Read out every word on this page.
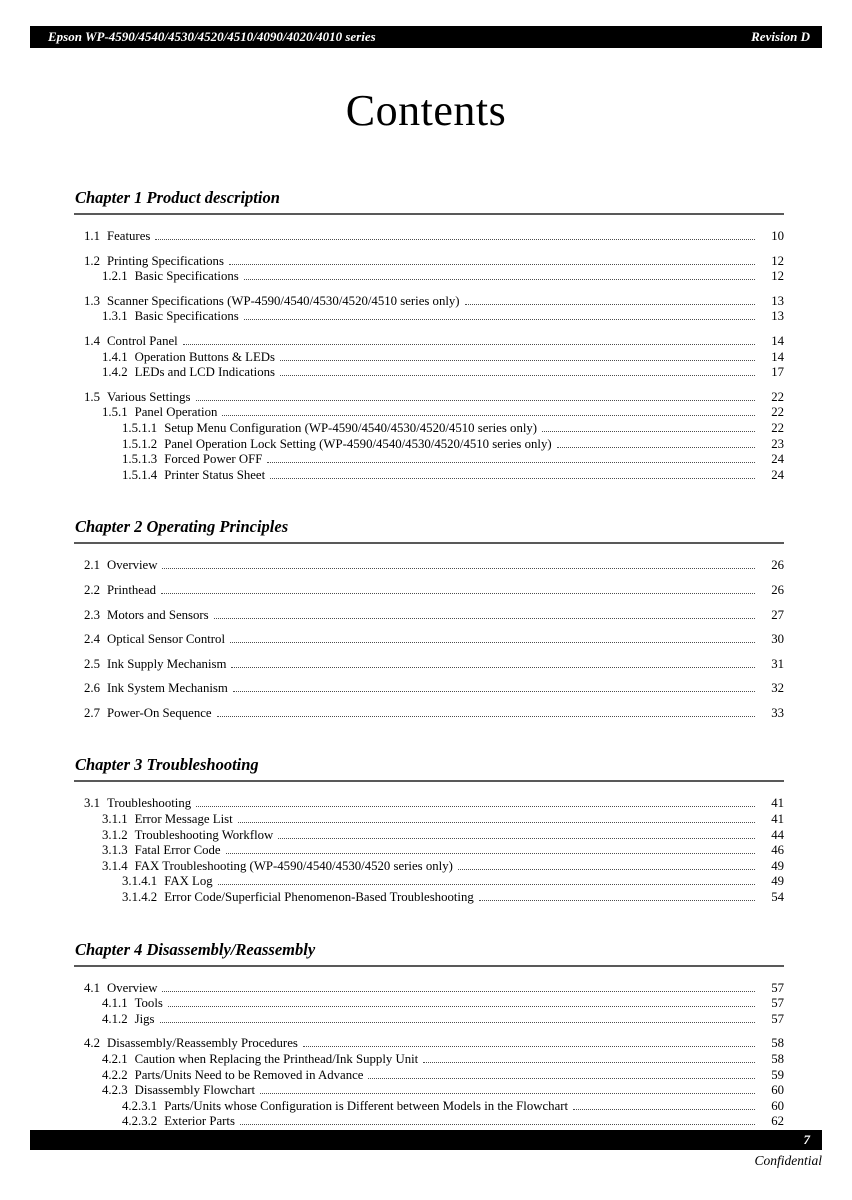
Epson WP-4590/4540/4530/4520/4510/4090/4020/4010 series	Revision D
Contents
Chapter 1 Product description
1.1 Features	10
1.2 Printing Specifications	12
1.2.1 Basic Specifications	12
1.3 Scanner Specifications (WP-4590/4540/4530/4520/4510 series only)	13
1.3.1 Basic Specifications	13
1.4 Control Panel	14
1.4.1 Operation Buttons & LEDs	14
1.4.2 LEDs and LCD Indications	17
1.5 Various Settings	22
1.5.1 Panel Operation	22
1.5.1.1 Setup Menu Configuration (WP-4590/4540/4530/4520/4510 series only)	22
1.5.1.2 Panel Operation Lock Setting (WP-4590/4540/4530/4520/4510 series only)	23
1.5.1.3 Forced Power OFF	24
1.5.1.4 Printer Status Sheet	24
Chapter 2 Operating Principles
2.1 Overview	26
2.2 Printhead	26
2.3 Motors and Sensors	27
2.4 Optical Sensor Control	30
2.5 Ink Supply Mechanism	31
2.6 Ink System Mechanism	32
2.7 Power-On Sequence	33
Chapter 3 Troubleshooting
3.1 Troubleshooting	41
3.1.1 Error Message List	41
3.1.2 Troubleshooting Workflow	44
3.1.3 Fatal Error Code	46
3.1.4 FAX Troubleshooting (WP-4590/4540/4530/4520 series only)	49
3.1.4.1 FAX Log	49
3.1.4.2 Error Code/Superficial Phenomenon-Based Troubleshooting	54
Chapter 4 Disassembly/Reassembly
4.1 Overview	57
4.1.1 Tools	57
4.1.2 Jigs	57
4.2 Disassembly/Reassembly Procedures	58
4.2.1 Caution when Replacing the Printhead/Ink Supply Unit	58
4.2.2 Parts/Units Need to be Removed in Advance	59
4.2.3 Disassembly Flowchart	60
4.2.3.1 Parts/Units whose Configuration is Different between Models in the Flowchart	60
4.2.3.2 Exterior Parts	62
7
Confidential
